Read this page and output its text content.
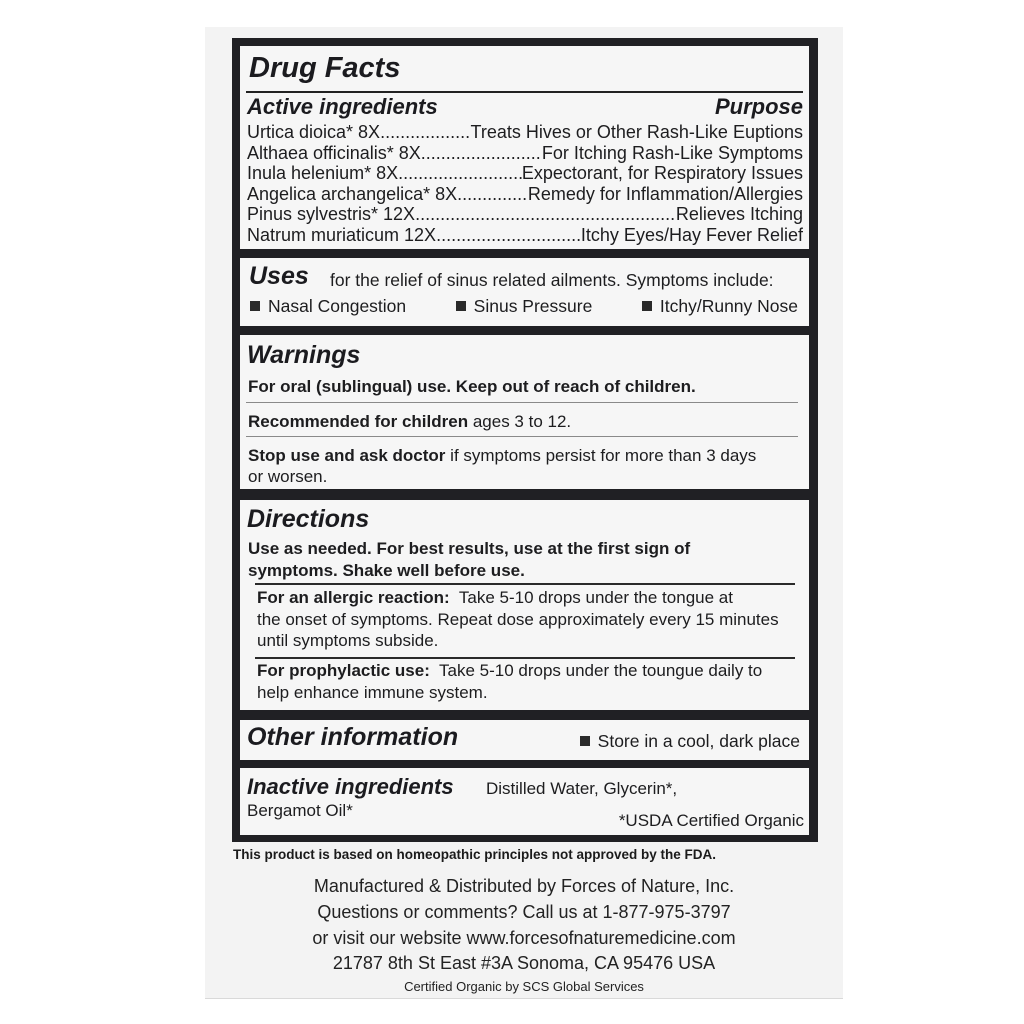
Drug Facts
Active ingredients	Purpose
Urtica dioica* 8X .....	Treats Hives or Other Rash-Like Euptions
Althaea officinalis* 8X .....	For Itching Rash-Like Symptoms
Inula helenium* 8X .....	Expectorant, for Respiratory Issues
Angelica archangelica* 8X .....	Remedy for Inflammation/Allergies
Pinus sylvestris* 12X .....	Relieves Itching
Natrum muriaticum 12X .....	Itchy Eyes/Hay Fever Relief
Uses for the relief of sinus related ailments. Symptoms include:
Nasal Congestion	Sinus Pressure	Itchy/Runny Nose
Warnings
For oral (sublingual) use. Keep out of reach of children.
Recommended for children ages 3 to 12.
Stop use and ask doctor if symptoms persist for more than 3 days
or worsen.
Directions
Use as needed. For best results, use at the first sign of
symptoms. Shake well before use.
For an allergic reaction: Take 5-10 drops under the tongue at
the onset of symptoms. Repeat dose approximately every 15 minutes
until symptoms subside.
For prophylactic use: Take 5-10 drops under the toungue daily to
help enhance immune system.
Other information	Store in a cool, dark place
Inactive ingredients Distilled Water, Glycerin*,
Bergamot Oil*
*USDA Certified Organic
This product is based on homeopathic principles not approved by the FDA.
Manufactured & Distributed by Forces of Nature, Inc.
Questions or comments? Call us at 1-877-975-3797
or visit our website www.forcesofnaturemedicine.com
21787 8th St East #3A Sonoma, CA 95476 USA
Certified Organic by SCS Global Services
